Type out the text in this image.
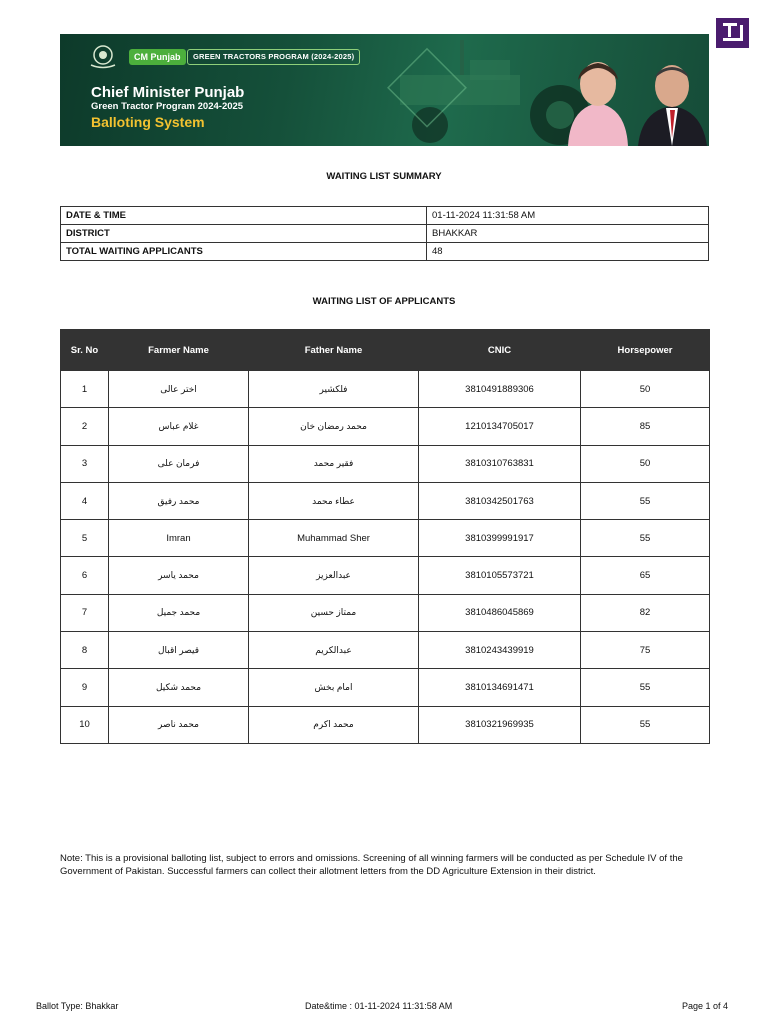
CM Punjab	GREEN TRACTORS PROGRAM (2024-2025)
Chief Minister Punjab
Green Tractor Program 2024-2025
Balloting System
WAITING LIST SUMMARY
DATE & TIME	01-11-2024 11:31:58 AM
DISTRICT	BHAKKAR
TOTAL WAITING APPLICANTS	48
WAITING LIST OF APPLICANTS
Sr. No	Farmer Name	Father Name	CNIC	Horsepower
1	اختر عالی	فلکشیر	3810491889306	50
2	غلام عباس	محمد رمضان خان	1210134705017	85
3	فرمان علی	فقیر محمد	3810310763831	50
4	محمد رفیق	عطاء محمد	3810342501763	55
5	Imran	Muhammad Sher	3810399991917	55
6	محمد یاسر	عبدالعزیز	3810105573721	65
7	محمد جمیل	ممتاز حسین	3810486045869	82
8	قیصر اقبال	عبدالکریم	3810243439919	75
9	محمد شکیل	امام بخش	3810134691471	55
10	محمد ناصر	محمد اکرم	3810321969935	55
Note: This is a provisional balloting list, subject to errors and omissions. Screening of all winning farmers will be conducted as per Schedule IV of the Government of Pakistan. Successful farmers can collect their allotment letters from the DD Agriculture Extension in their district.
Ballot Type: Bhakkar	Date&time : 01-11-2024 11:31:58 AM	Page 1 of 4
